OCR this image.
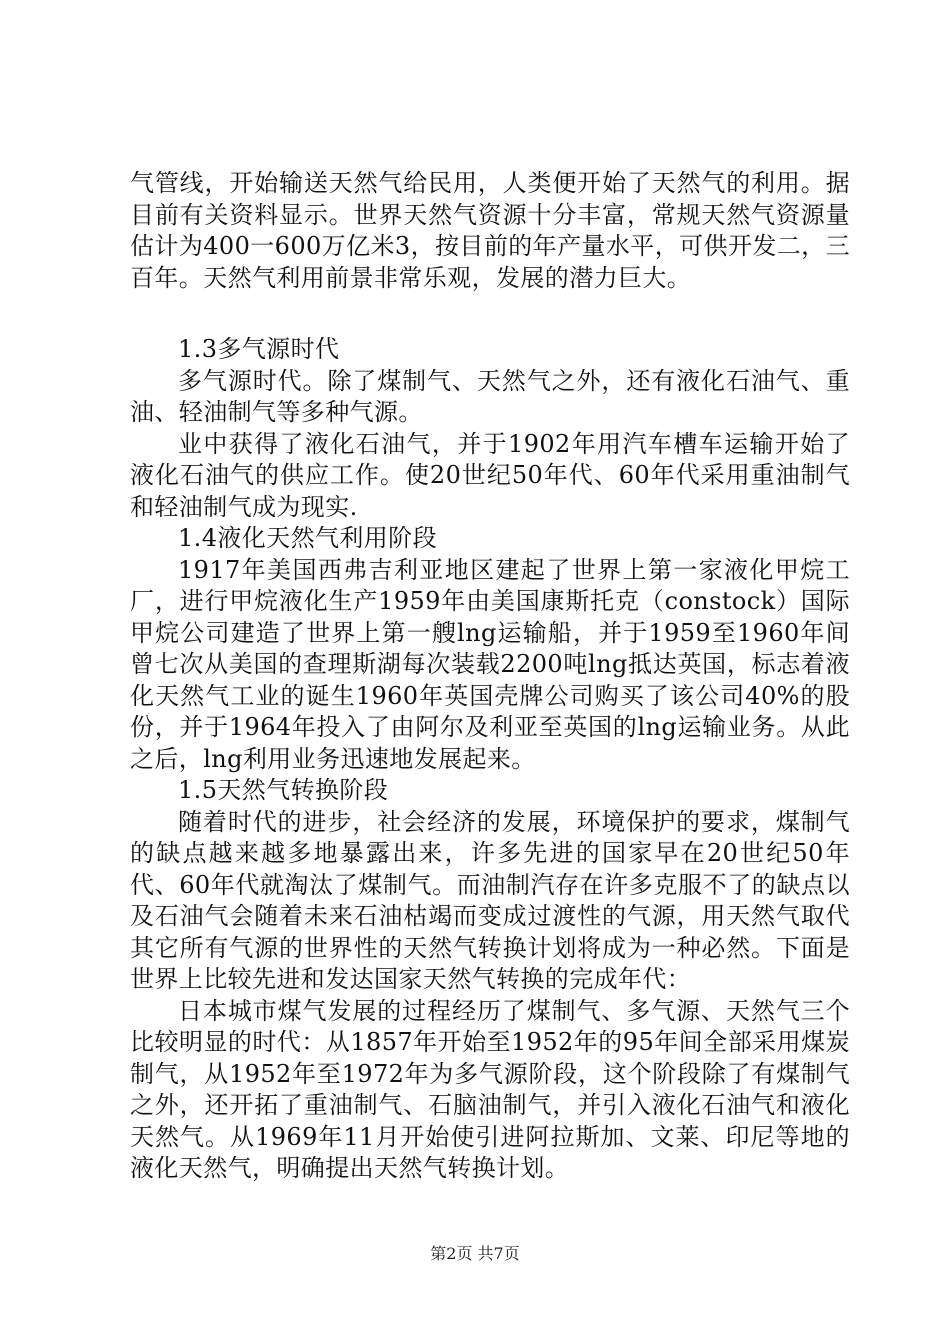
气管线，开始输送天然气给民用，人类便开始了天然气的利用。据目前有关资料显示。世界天然气资源十分丰富，常规天然气资源量估计为400一600万亿米3，按目前的年产量水平，可供开发二，三百年。天然气利用前景非常乐观，发展的潜力巨大。

1.3多气源时代

多气源时代。除了煤制气、天然气之外，还有液化石油气、重油、轻油制气等多种气源。

业中获得了液化石油气，并于1902年用汽车槽车运输开始了液化石油气的供应工作。使20世纪50年代、60年代采用重油制气和轻油制气成为现实.

1.4液化天然气利用阶段

1917年美国西弗吉利亚地区建起了世界上第一家液化甲烷工厂，进行甲烷液化生产1959年由美国康斯托克（constock）国际甲烷公司建造了世界上第一艘lng运输船，并于1959至1960年间曾七次从美国的查理斯湖每次装载2200吨lng抵达英国，标志着液化天然气工业的诞生1960年英国壳牌公司购买了该公司40%的股份，并于1964年投入了由阿尔及利亚至英国的lng运输业务。从此之后，lng利用业务迅速地发展起来。

1.5天然气转换阶段

随着时代的进步，社会经济的发展，环境保护的要求，煤制气的缺点越来越多地暴露出来，许多先进的国家早在20世纪50年代、60年代就淘汰了煤制气。而油制汽存在许多克服不了的缺点以及石油气会随着未来石油枯竭而变成过渡性的气源，用天然气取代其它所有气源的世界性的天然气转换计划将成为一种必然。下面是世界上比较先进和发达国家天然气转换的完成年代：

日本城市煤气发展的过程经历了煤制气、多气源、天然气三个比较明显的时代：从1857年开始至1952年的95年间全部采用煤炭制气，从1952年至1972年为多气源阶段，这个阶段除了有煤制气之外，还开拓了重油制气、石脑油制气，并引入液化石油气和液化天然气。从1969年11月开始使引进阿拉斯加、文莱、印尼等地的液化天然气，明确提出天然气转换计划。

第2页 共7页
